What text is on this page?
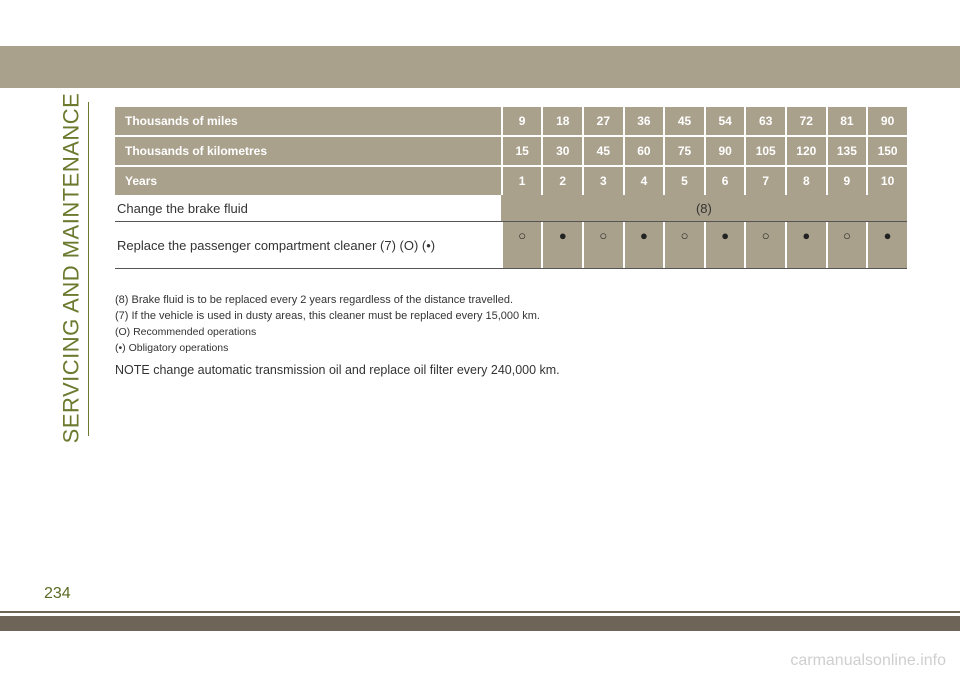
SERVICING AND MAINTENANCE	Thousands of miles		9		18		27		36		45		54		63		72		81		90
Thousands of kilometres		15		30		45		60		75		90		105		120		135		150
Years		1		2		3		4		5		6		7		8		9		10
Change the brake fluid	(8)																			
Replace the passenger compartment cleaner (7) (O) (•)		○		●		○		●		○		●		○		●		○		●

(8) Brake fluid is to be replaced every 2 years regardless of the distance travelled.

(7) If the vehicle is used in dusty areas, this cleaner must be replaced every 15,000 km.

(O) Recommended operations

(•) Obligatory operations

NOTE change automatic transmission oil and replace oil filter every 240,000 km.

234
carmanualsonline.info
